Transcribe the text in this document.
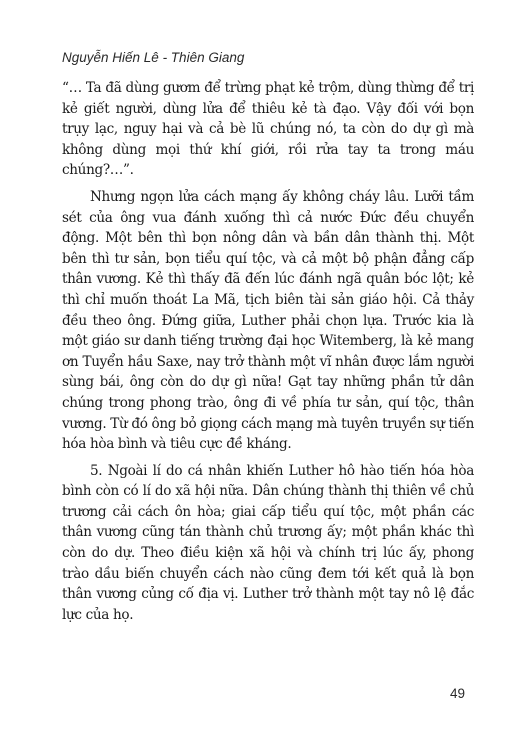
Nguyễn Hiến Lê - Thiên Giang

“… Ta đã dùng gươm để trừng phạt kẻ trộm, dùng thừng để trị kẻ giết người, dùng lửa để thiêu kẻ tà đạo. Vậy đối với bọn trụy lạc, nguy hại và cả bè lũ chúng nó, ta còn do dự gì mà không dùng mọi thứ khí giới, rồi rửa tay ta trong máu chúng?…”.

Nhưng ngọn lửa cách mạng ấy không cháy lâu. Lưỡi tầm sét của ông vua đánh xuống thì cả nước Đức đều chuyển động. Một bên thì bọn nông dân và bần dân thành thị. Một bên thì tư sản, bọn tiểu quí tộc, và cả một bộ phận đẳng cấp thân vương. Kẻ thì thấy đã đến lúc đánh ngã quân bóc lột; kẻ thì chỉ muốn thoát La Mã, tịch biên tài sản giáo hội. Cả thảy đều theo ông. Đứng giữa, Luther phải chọn lựa. Trước kia là một giáo sư danh tiếng trường đại học Witemberg, là kẻ mang ơn Tuyển hầu Saxe, nay trở thành một vĩ nhân được lắm người sùng bái, ông còn do dự gì nữa! Gạt tay những phần tử dân chúng trong phong trào, ông đi về phía tư sản, quí tộc, thân vương. Từ đó ông bỏ giọng cách mạng mà tuyên truyền sự tiến hóa hòa bình và tiêu cực đề kháng.

5. Ngoài lí do cá nhân khiến Luther hô hào tiến hóa hòa bình còn có lí do xã hội nữa. Dân chúng thành thị thiên về chủ trương cải cách ôn hòa; giai cấp tiểu quí tộc, một phần các thân vương cũng tán thành chủ trương ấy; một phần khác thì còn do dự. Theo điều kiện xã hội và chính trị lúc ấy, phong trào dầu biến chuyển cách nào cũng đem tới kết quả là bọn thân vương củng cố địa vị. Luther trở thành một tay nô lệ đắc lực của họ.

49
